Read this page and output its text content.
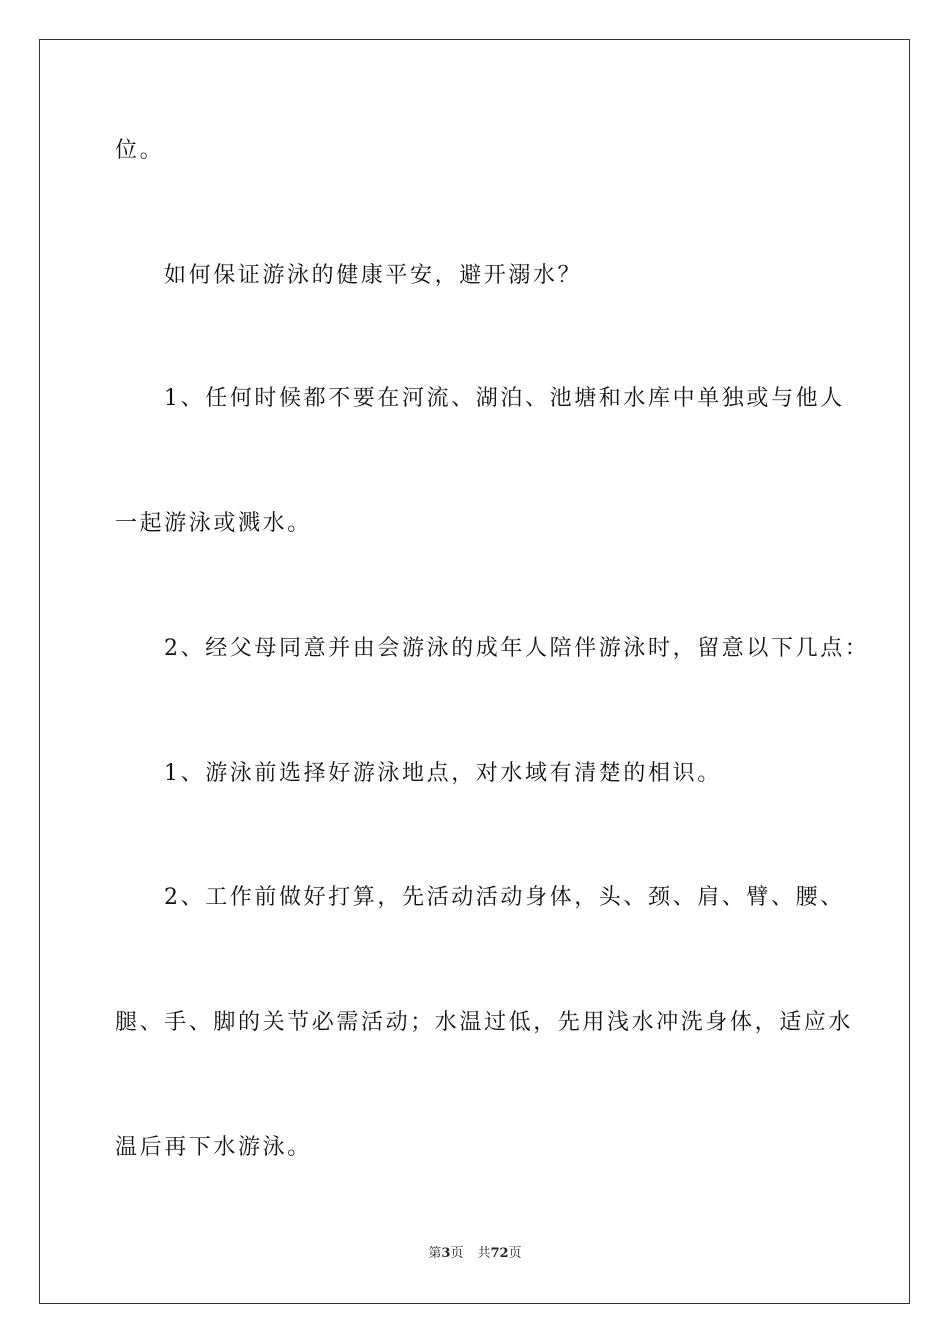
位。
如何保证游泳的健康平安，避开溺水？
1、任何时候都不要在河流、湖泊、池塘和水库中单独或与他人
一起游泳或溅水。
2、经父母同意并由会游泳的成年人陪伴游泳时，留意以下几点：
1、游泳前选择好游泳地点，对水域有清楚的相识。
2、工作前做好打算，先活动活动身体，头、颈、肩、臂、腰、
腿、手、脚的关节必需活动；水温过低，先用浅水冲洗身体，适应水
温后再下水游泳。
第3页 共72页
